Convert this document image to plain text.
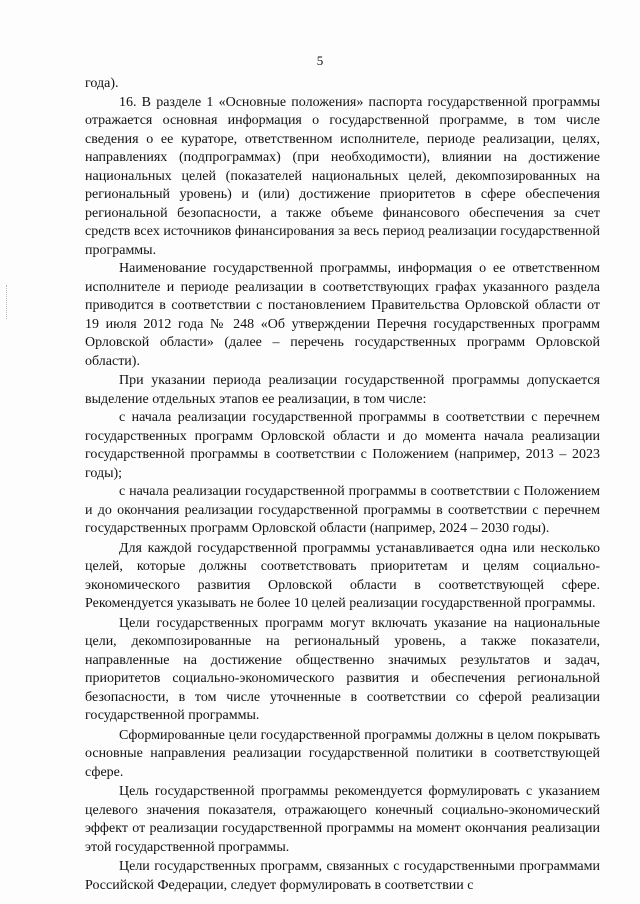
5

года).

16. В разделе 1 «Основные положения» паспорта государственной программы отражается основная информация о государственной программе, в том числе сведения о ее кураторе, ответственном исполнителе, периоде реализации, целях, направлениях (подпрограммах) (при необходимости), влиянии на достижение национальных целей (показателей национальных целей, декомпозированных на региональный уровень) и (или) достижение приоритетов в сфере обеспечения региональной безопасности, а также объеме финансового обеспечения за счет средств всех источников финансирования за весь период реализации государственной программы.

Наименование государственной программы, информация о ее ответственном исполнителе и периоде реализации в соответствующих графах указанного раздела приводится в соответствии с постановлением Правительства Орловской области от 19 июля 2012 года № 248 «Об утверждении Перечня государственных программ Орловской области» (далее – перечень государственных программ Орловской области).

При указании периода реализации государственной программы допускается выделение отдельных этапов ее реализации, в том числе:

с начала реализации государственной программы в соответствии с перечнем государственных программ Орловской области и до момента начала реализации государственной программы в соответствии с Положением (например, 2013 – 2023 годы);

с начала реализации государственной программы в соответствии с Положением и до окончания реализации государственной программы в соответствии с перечнем государственных программ Орловской области (например, 2024 – 2030 годы).

Для каждой государственной программы устанавливается одна или несколько целей, которые должны соответствовать приоритетам и целям социально-экономического развития Орловской области в соответствующей сфере. Рекомендуется указывать не более 10 целей реализации государственной программы.

Цели государственных программ могут включать указание на национальные цели, декомпозированные на региональный уровень, а также показатели, направленные на достижение общественно значимых результатов и задач, приоритетов социально-экономического развития и обеспечения региональной безопасности, в том числе уточненные в соответствии со сферой реализации государственной программы.

Сформированные цели государственной программы должны в целом покрывать основные направления реализации государственной политики в соответствующей сфере.

Цель государственной программы рекомендуется формулировать с указанием целевого значения показателя, отражающего конечный социально-экономический эффект от реализации государственной программы на момент окончания реализации этой государственной программы.

Цели государственных программ, связанных с государственными программами Российской Федерации, следует формулировать в соответствии с
